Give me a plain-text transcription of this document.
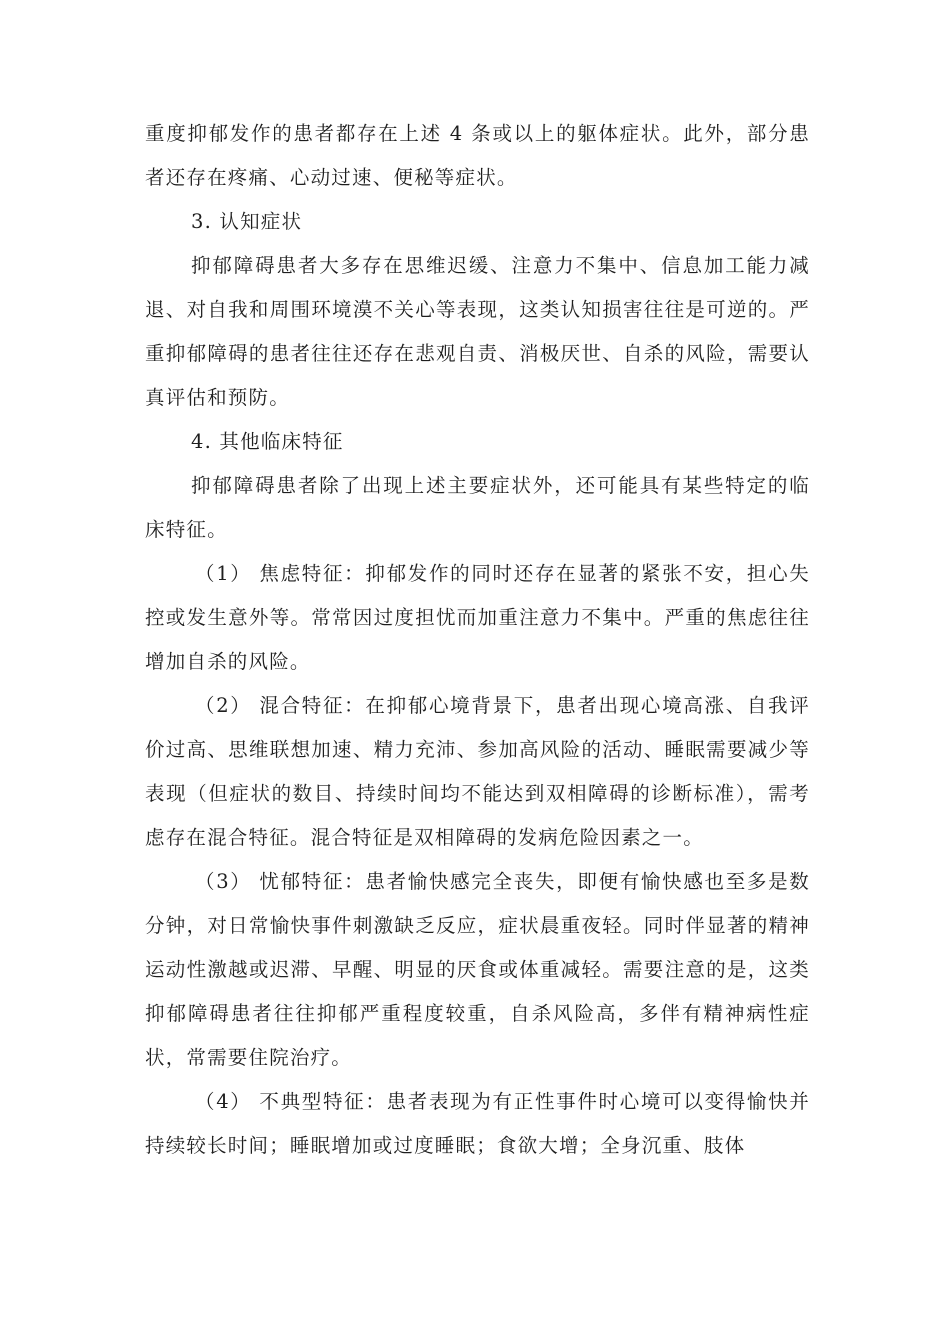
重度抑郁发作的患者都存在上述 4 条或以上的躯体症状。此外，部分患者还存在疼痛、心动过速、便秘等症状。

3. 认知症状

抑郁障碍患者大多存在思维迟缓、注意力不集中、信息加工能力减退、对自我和周围环境漠不关心等表现，这类认知损害往往是可逆的。严重抑郁障碍的患者往往还存在悲观自责、消极厌世、自杀的风险，需要认真评估和预防。

4. 其他临床特征

抑郁障碍患者除了出现上述主要症状外，还可能具有某些特定的临床特征。

（1） 焦虑特征：抑郁发作的同时还存在显著的紧张不安，担心失控或发生意外等。常常因过度担忧而加重注意力不集中。严重的焦虑往往增加自杀的风险。

（2） 混合特征：在抑郁心境背景下，患者出现心境高涨、自我评价过高、思维联想加速、精力充沛、参加高风险的活动、睡眠需要减少等表现（但症状的数目、持续时间均不能达到双相障碍的诊断标准），需考虑存在混合特征。混合特征是双相障碍的发病危险因素之一。

（3） 忧郁特征：患者愉快感完全丧失，即便有愉快感也至多是数分钟，对日常愉快事件刺激缺乏反应，症状晨重夜轻。同时伴显著的精神运动性激越或迟滞、早醒、明显的厌食或体重减轻。需要注意的是，这类抑郁障碍患者往往抑郁严重程度较重，自杀风险高，多伴有精神病性症状，常需要住院治疗。

（4） 不典型特征：患者表现为有正性事件时心境可以变得愉快并持续较长时间；睡眠增加或过度睡眠；食欲大增；全身沉重、肢体
